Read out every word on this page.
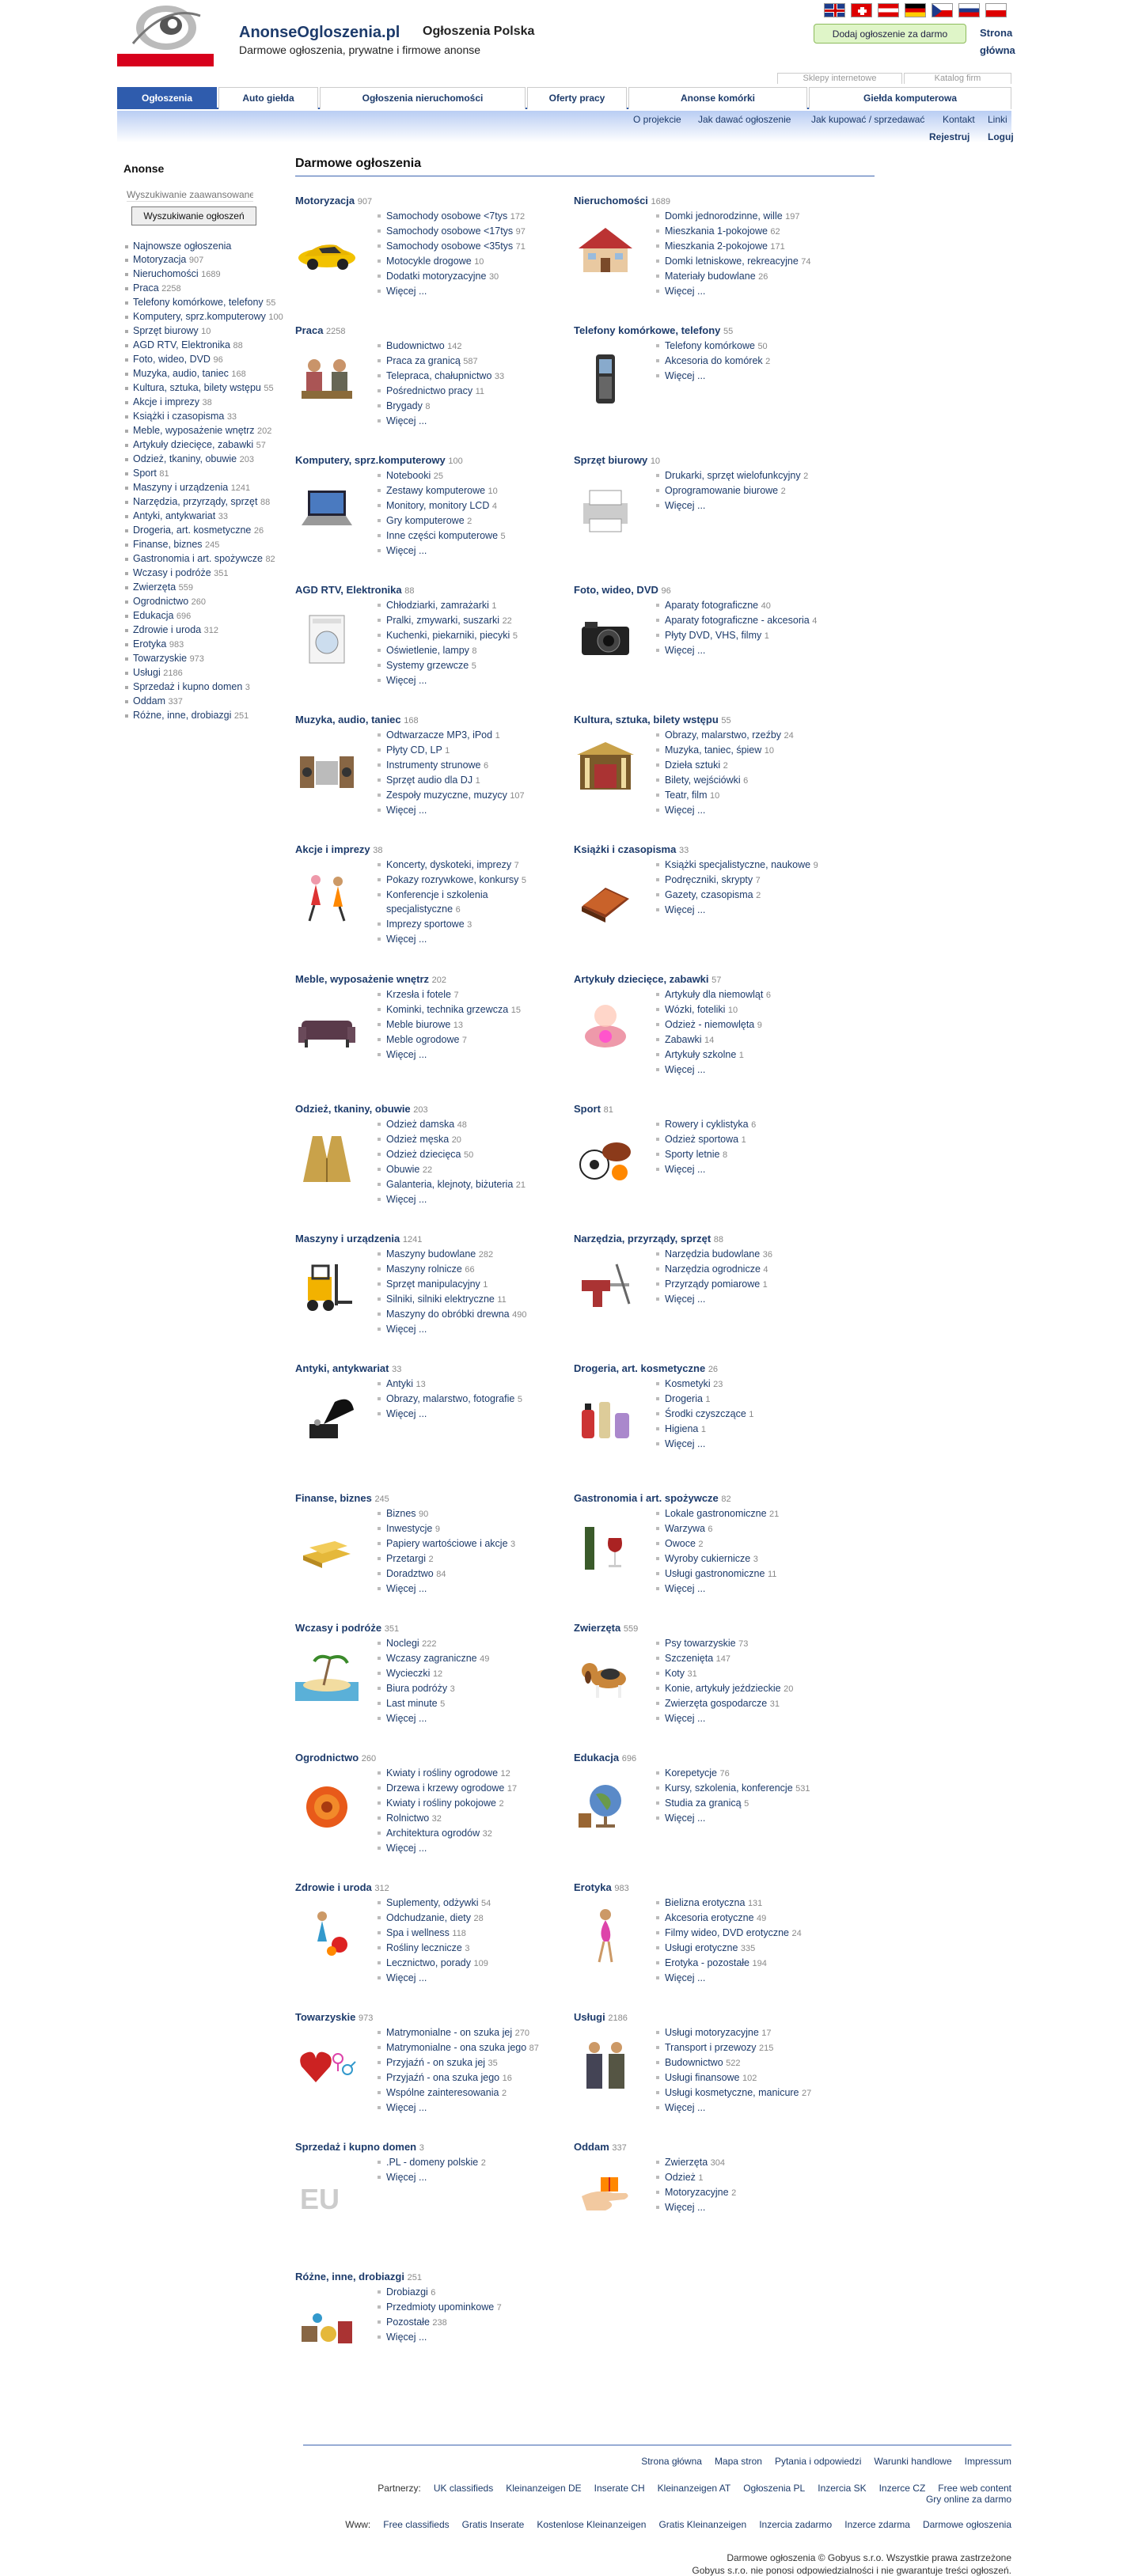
AnonseOgloszenia.pl Ogłoszenia Polska
Darmowe ogłoszenia, prywatne i firmowe anonse
Dodaj ogłoszenie za darmo	Strona główna
Sklepy internetowe	Katalog firm
Ogłoszenia	Auto giełda	Ogłoszenia nieruchomości	Oferty pracy	Anonse komórki	Giełda komputerowa
O projekcie Jak dawać ogłoszenie Jak kupować / sprzedawać Kontakt Linki
Rejestruj Loguj
Anonse
Wyszukiwanie zaawansowane... Wyszukiwanie ogłoszeń
Najnowsze ogłoszenia
Motoryzacja 907
Nieruchomości 1689
Praca 2258
Telefony komórkowe, telefony 55
Komputery, sprz.komputerowy 100
Sprzęt biurowy 10
AGD RTV, Elektronika 88
Foto, wideo, DVD 96
Muzyka, audio, taniec 168
Kultura, sztuka, bilety wstępu 55
Akcje i imprezy 38
Książki i czasopisma 33
Meble, wyposażenie wnętrz 202
Artykuły dziecięce, zabawki 57
Odzież, tkaniny, obuwie 203
Sport 81
Maszyny i urządzenia 1241
Narzędzia, przyrządy, sprzęt 88
Antyki, antykwariat 33
Drogeria, art. kosmetyczne 26
Finanse, biznes 245
Gastronomia i art. spożywcze 82
Wczasy i podróże 351
Zwierzęta 559
Ogrodnictwo 260
Edukacja 696
Zdrowie i uroda 312
Erotyka 983
Towarzyskie 973
Usługi 2186
Sprzedaż i kupno domen 3
Oddam 337
Różne, inne, drobiazgi 251
Darmowe ogłoszenia
Motoryzacja 907
Samochody osobowe <7tys 172
Samochody osobowe <17tys 97
Samochody osobowe <35tys 71
Motocykle drogowe 10
Dodatki motoryzacyjne 30
Więcej ...
Nieruchomości 1689
Domki jednorodzinne, wille 197
Mieszkania 1-pokojowe 62
Mieszkania 2-pokojowe 171
Domki letniskowe, rekreacyjne 74
Materiały budowlane 26
Więcej ...
Praca 2258
Budownictwo 142
Praca za granicą 587
Telepraca, chałupnictwo 33
Pośrednictwo pracy 11
Brygady 8
Więcej ...
Telefony komórkowe, telefony 55
Telefony komórkowe 50
Akcesoria do komórek 2
Więcej ...
Komputery, sprz.komputerowy 100
Notebooki 25
Zestawy komputerowe 10
Monitory, monitory LCD 4
Gry komputerowe 2
Inne części komputerowe 5
Więcej ...
Sprzęt biurowy 10
Drukarki, sprzęt wielofunkcyjny 2
Oprogramowanie biurowe 2
Więcej ...
AGD RTV, Elektronika 88
Chłodziarki, zamrażarki 1
Pralki, zmywarki, suszarki 22
Kuchenki, piekarniki, piecyki 5
Oświetlenie, lampy 8
Systemy grzewcze 5
Więcej ...
Foto, wideo, DVD 96
Aparaty fotograficzne 40
Aparaty fotograficzne - akcesoria 4
Płyty DVD, VHS, filmy 1
Więcej ...
Muzyka, audio, taniec 168
Odtwarzacze MP3, iPod 1
Płyty CD, LP 1
Instrumenty strunowe 6
Sprzęt audio dla DJ 1
Zespoły muzyczne, muzycy 107
Więcej ...
Kultura, sztuka, bilety wstępu 55
Obrazy, malarstwo, rzeźby 24
Muzyka, taniec, śpiew 10
Dzieła sztuki 2
Bilety, wejściówki 6
Teatr, film 10
Więcej ...
Akcje i imprezy 38
Koncerty, dyskoteki, imprezy 7
Pokazy rozrywkowe, konkursy 5
Konferencje i szkolenia
specjalistyczne 6
Imprezy sportowe 3
Więcej ...
Książki i czasopisma 33
Książki specjalistyczne, naukowe 9
Podręczniki, skrypty 7
Gazety, czasopisma 2
Więcej ...
Meble, wyposażenie wnętrz 202
Krzesła i fotele 7
Kominki, technika grzewcza 15
Meble biurowe 13
Meble ogrodowe 7
Więcej ...
Artykuły dziecięce, zabawki 57
Artykuły dla niemowląt 6
Wózki, foteliki 10
Odzież - niemowlęta 9
Zabawki 14
Artykuły szkolne 1
Więcej ...
Odzież, tkaniny, obuwie 203
Odzież damska 48
Odzież męska 20
Odzież dziecięca 50
Obuwie 22
Galanteria, klejnoty, biżuteria 21
Więcej ...
Sport 81
Rowery i cyklistyka 6
Odzież sportowa 1
Sporty letnie 8
Więcej ...
Maszyny i urządzenia 1241
Maszyny budowlane 282
Maszyny rolnicze 66
Sprzęt manipulacyjny 1
Silniki, silniki elektryczne 11
Maszyny do obróbki drewna 490
Więcej ...
Narzędzia, przyrządy, sprzęt 88
Narzędzia budowlane 36
Narzędzia ogrodnicze 4
Przyrządy pomiarowe 1
Więcej ...
Antyki, antykwariat 33
Antyki 13
Obrazy, malarstwo, fotografie 5
Więcej ...
Drogeria, art. kosmetyczne 26
Kosmetyki 23
Drogeria 1
Środki czyszczące 1
Higiena 1
Więcej ...
Finanse, biznes 245
Biznes 90
Inwestycje 9
Papiery wartościowe i akcje 3
Przetargi 2
Doradztwo 84
Więcej ...
Gastronomia i art. spożywcze 82
Lokale gastronomiczne 21
Warzywa 6
Owoce 2
Wyroby cukiernicze 3
Usługi gastronomiczne 11
Więcej ...
Wczasy i podróże 351
Noclegi 222
Wczasy zagraniczne 49
Wycieczki 12
Biura podróży 3
Last minute 5
Więcej ...
Zwierzęta 559
Psy towarzyskie 73
Szczenięta 147
Koty 31
Konie, artykuły jeździeckie 20
Zwierzęta gospodarcze 31
Więcej ...
Ogrodnictwo 260
Kwiaty i rośliny ogrodowe 12
Drzewa i krzewy ogrodowe 17
Kwiaty i rośliny pokojowe 2
Rolnictwo 32
Architektura ogrodów 32
Więcej ...
Edukacja 696
Korepetycje 76
Kursy, szkolenia, konferencje 531
Studia za granicą 5
Więcej ...
Zdrowie i uroda 312
Suplementy, odżywki 54
Odchudzanie, diety 28
Spa i wellness 118
Rośliny lecznicze 3
Lecznictwo, porady 109
Więcej ...
Erotyka 983
Bielizna erotyczna 131
Akcesoria erotyczne 49
Filmy wideo, DVD erotyczne 24
Usługi erotyczne 335
Erotyka - pozostałe 194
Więcej ...
Towarzyskie 973
Matrymonialne - on szuka jej 270
Matrymonialne - ona szuka jego 87
Przyjaźń - on szuka jej 35
Przyjaźń - ona szuka jego 16
Wspólne zainteresowania 2
Więcej ...
Usługi 2186
Usługi motoryzacyjne 17
Transport i przewozy 215
Budownictwo 522
Usługi finansowe 102
Usługi kosmetyczne, manicure 27
Więcej ...
Sprzedaż i kupno domen 3
EU
.PL - domeny polskie 2
Więcej ...
Oddam 337
Zwierzęta 304
Odzież 1
Motoryzacyjne 2
Więcej ...
Różne, inne, drobiazgi 251
Drobiazgi 6
Przedmioty upominkowe 7
Pozostałe 238
Więcej ...
Strona główna Mapa stron Pytania i odpowiedzi Warunki handlowe Impressum
Partnerzy: UK classifieds Kleinanzeigen DE Inserate CH Kleinanzeigen AT Ogłoszenia PL Inzercia SK Inzerce CZ Free web contentGry online za darmo
Www: Free classifieds Gratis Inserate Kostenlose Kleinanzeigen Gratis Kleinanzeigen Inzercia zadarmo Inzerce zdarma Darmowe ogłoszenia
Darmowe ogłoszenia © Gobyus s.r.o. Wszystkie prawa zastrzeżone
Gobyus s.r.o. nie ponosi odpowiedzialności i nie gwarantuje treści ogłoszeń.
